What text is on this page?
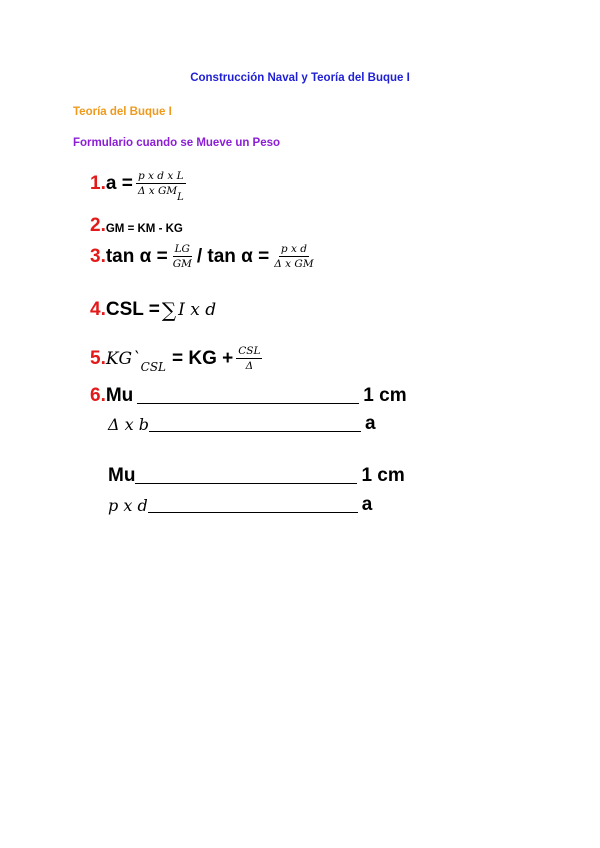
Construcción Naval y Teoría del Buque I
Teoría del Buque I
Formulario cuando se Mueve un Peso
1. $a = \frac{\text{p x d x L}}{\text{Δ x GML}}$
2. GM = KM - KG
3. $\tan \alpha = \frac{LG}{GM} / \tan \alpha = \frac{\text{p x d}}{\text{Δ x GM}}$
4. CSL = ∑ I x d
5. KG` CSL = KG + $\frac{\text{CSL}}{\Delta}$
6. Mu	1 cm
Δ x b	a
Mu	1 cm
p x d	a
